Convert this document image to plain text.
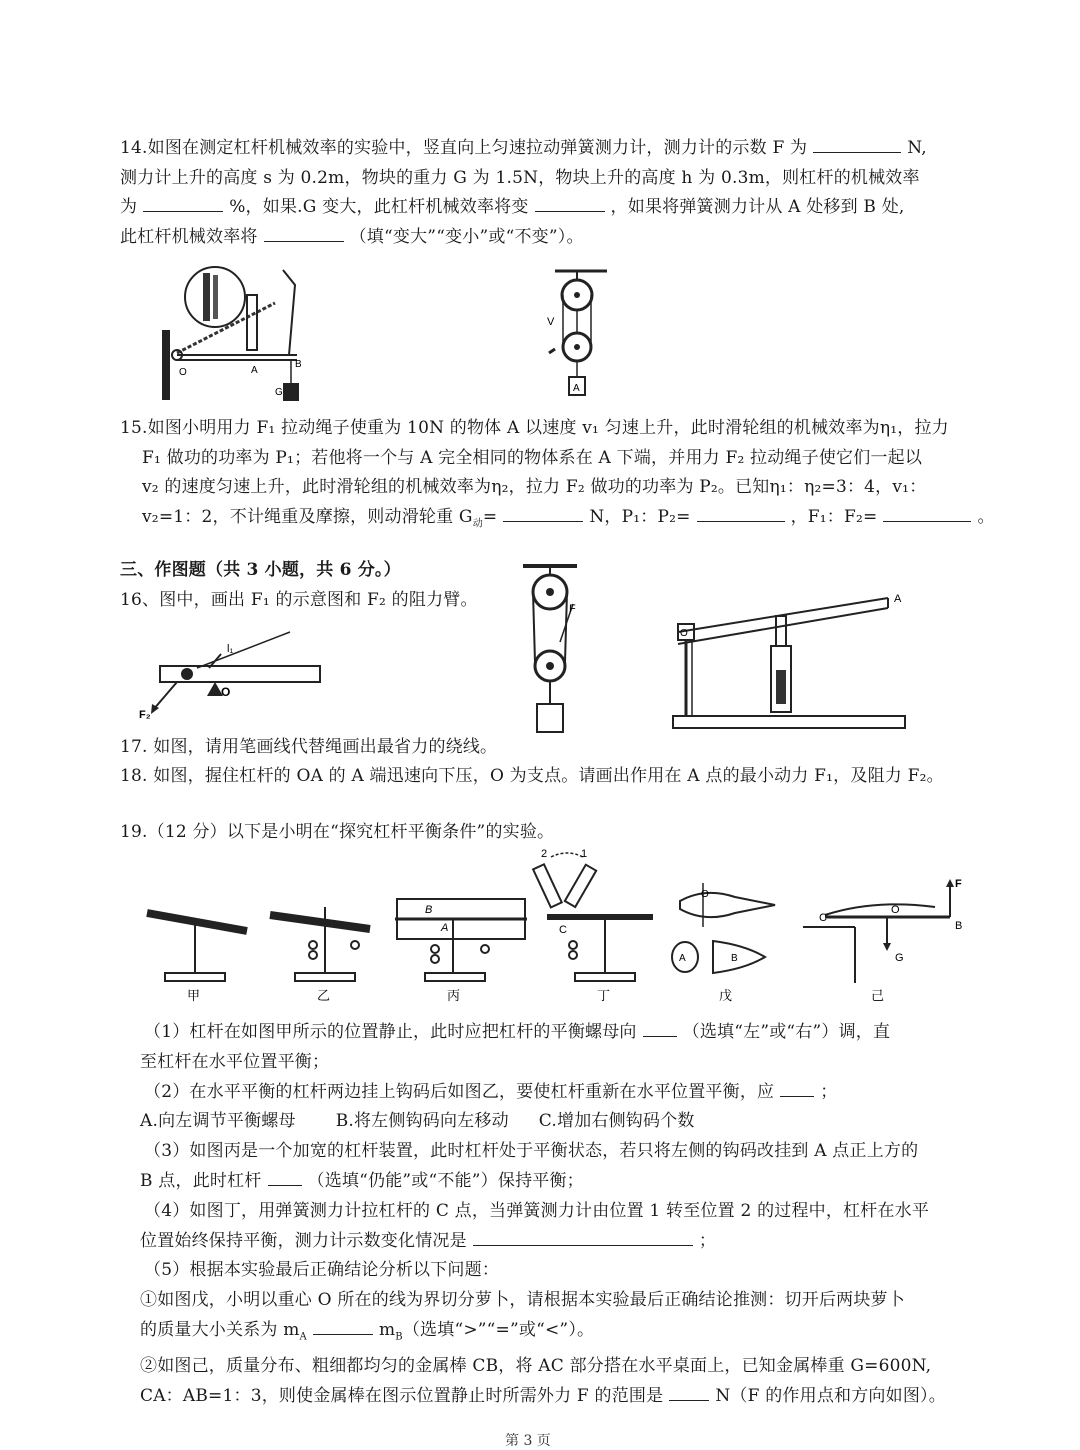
14.如图在测定杠杆机械效率的实验中，竖直向上匀速拉动弹簧测力计，测力计的示数 F 为	N,
测力计上升的高度 s 为 0.2m，物块的重力 G 为 1.5N，物块上升的高度 h 为 0.3m，则杠杆的机械效率
为	%，如果.G 变大，此杠杆机械效率将变	，如果将弹簧测力计从 A 处移到 B 处,
此杠杆机械效率将	（填“变大”“变小”或“不变”）。
O	A
B
G	A
V
15.如图小明用力 F₁ 拉动绳子使重为 10N 的物体 A 以速度 v₁ 匀速上升，此时滑轮组的机械效率为η₁，拉力
F₁ 做功的功率为 P₁；若他将一个与 A 完全相同的物体系在 A 下端，并用力 F₂ 拉动绳子使它们一起以
v₂ 的速度匀速上升，此时滑轮组的机械效率为η₂，拉力 F₂ 做功的功率为 P₂。已知η₁：η₂=3：4，v₁：
v₂=1：2，不计绳重及摩擦，则动滑轮重 $G_动=$	N，P₁：P₂=	，F₁：F₂=	。
三、作图题（共 3 小题，共 6 分。）
16、图中，画出 F₁ 的示意图和 F₂ 的阻力臂。
l₁
O
F₂
F
O
A
17. 如图，请用笔画线代替绳画出最省力的绕线。
18. 如图，握住杠杆的 OA 的 A 端迅速向下压，O 为支点。请画出作用在 A 点的最小动力 F₁，及阻力 F₂。
19.（12 分）以下是小明在“探究杠杆平衡条件”的实验。
B
A
2	1
C
O
A	B
F
C
O
B
G
甲	乙	丙	丁	戊	己
（1）杠杆在如图甲所示的位置静止，此时应把杠杆的平衡螺母向	（选填“左”或“右”）调，直
至杠杆在水平位置平衡；
（2）在水平平衡的杠杆两边挂上钩码后如图乙，要使杠杆重新在水平位置平衡，应	；
A.向左调节平衡螺母 B.将左侧钩码向左移动 C.增加右侧钩码个数
（3）如图丙是一个加宽的杠杆装置，此时杠杆处于平衡状态，若只将左侧的钩码改挂到 A 点正上方的
B 点，此时杠杆	（选填“仍能”或“不能”）保持平衡；
（4）如图丁，用弹簧测力计拉杠杆的 C 点，当弹簧测力计由位置 1 转至位置 2 的过程中，杠杆在水平
位置始终保持平衡，测力计示数变化情况是	；
（5）根据本实验最后正确结论分析以下问题：
①如图戊，小明以重心 O 所在的线为界切分萝卜，请根据本实验最后正确结论推测：切开后两块萝卜
的质量大小关系为 $m_A$	$m_B$（选填“>”“=”或“<”）。
②如图己，质量分布、粗细都均匀的金属棒 CB，将 AC 部分搭在水平桌面上，已知金属棒重 G=600N,
CA：AB=1：3，则使金属棒在图示位置静止时所需外力 F 的范围是	N（F 的作用点和方向如图）。
第 3 页
